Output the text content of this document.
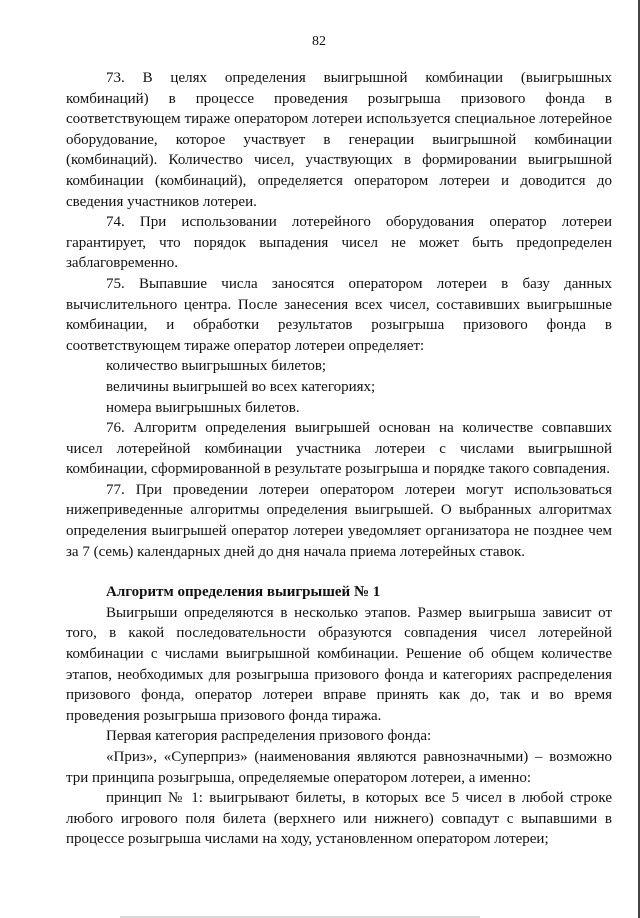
82

73. В целях определения выигрышной комбинации (выигрышных комбинаций) в процессе проведения розыгрыша призового фонда в соответствующем тираже оператором лотереи используется специальное лотерейное оборудование, которое участвует в генерации выигрышной комбинации (комбинаций). Количество чисел, участвующих в формировании выигрышной комбинации (комбинаций), определяется оператором лотереи и доводится до сведения участников лотереи.

74. При использовании лотерейного оборудования оператор лотереи гарантирует, что порядок выпадения чисел не может быть предопределен заблаговременно.

75. Выпавшие числа заносятся оператором лотереи в базу данных вычислительного центра. После занесения всех чисел, составивших выигрышные комбинации, и обработки результатов розыгрыша призового фонда в соответствующем тираже оператор лотереи определяет:

количество выигрышных билетов;

величины выигрышей во всех категориях;

номера выигрышных билетов.

76. Алгоритм определения выигрышей основан на количестве совпавших чисел лотерейной комбинации участника лотереи с числами выигрышной комбинации, сформированной в результате розыгрыша и порядке такого совпадения.

77. При проведении лотереи оператором лотереи могут использоваться нижеприведенные алгоритмы определения выигрышей. О выбранных алгоритмах определения выигрышей оператор лотереи уведомляет организатора не позднее чем за 7 (семь) календарных дней до дня начала приема лотерейных ставок.

Алгоритм определения выигрышей № 1

Выигрыши определяются в несколько этапов. Размер выигрыша зависит от того, в какой последовательности образуются совпадения чисел лотерейной комбинации с числами выигрышной комбинации. Решение об общем количестве этапов, необходимых для розыгрыша призового фонда и категориях распределения призового фонда, оператор лотереи вправе принять как до, так и во время проведения розыгрыша призового фонда тиража.

Первая категория распределения призового фонда:

«Приз», «Суперприз» (наименования являются равнозначными) – возможно три принципа розыгрыша, определяемые оператором лотереи, а именно:

принцип № 1: выигрывают билеты, в которых все 5 чисел в любой строке любого игрового поля билета (верхнего или нижнего) совпадут с выпавшими в процессе розыгрыша числами на ходу, установленном оператором лотереи;
